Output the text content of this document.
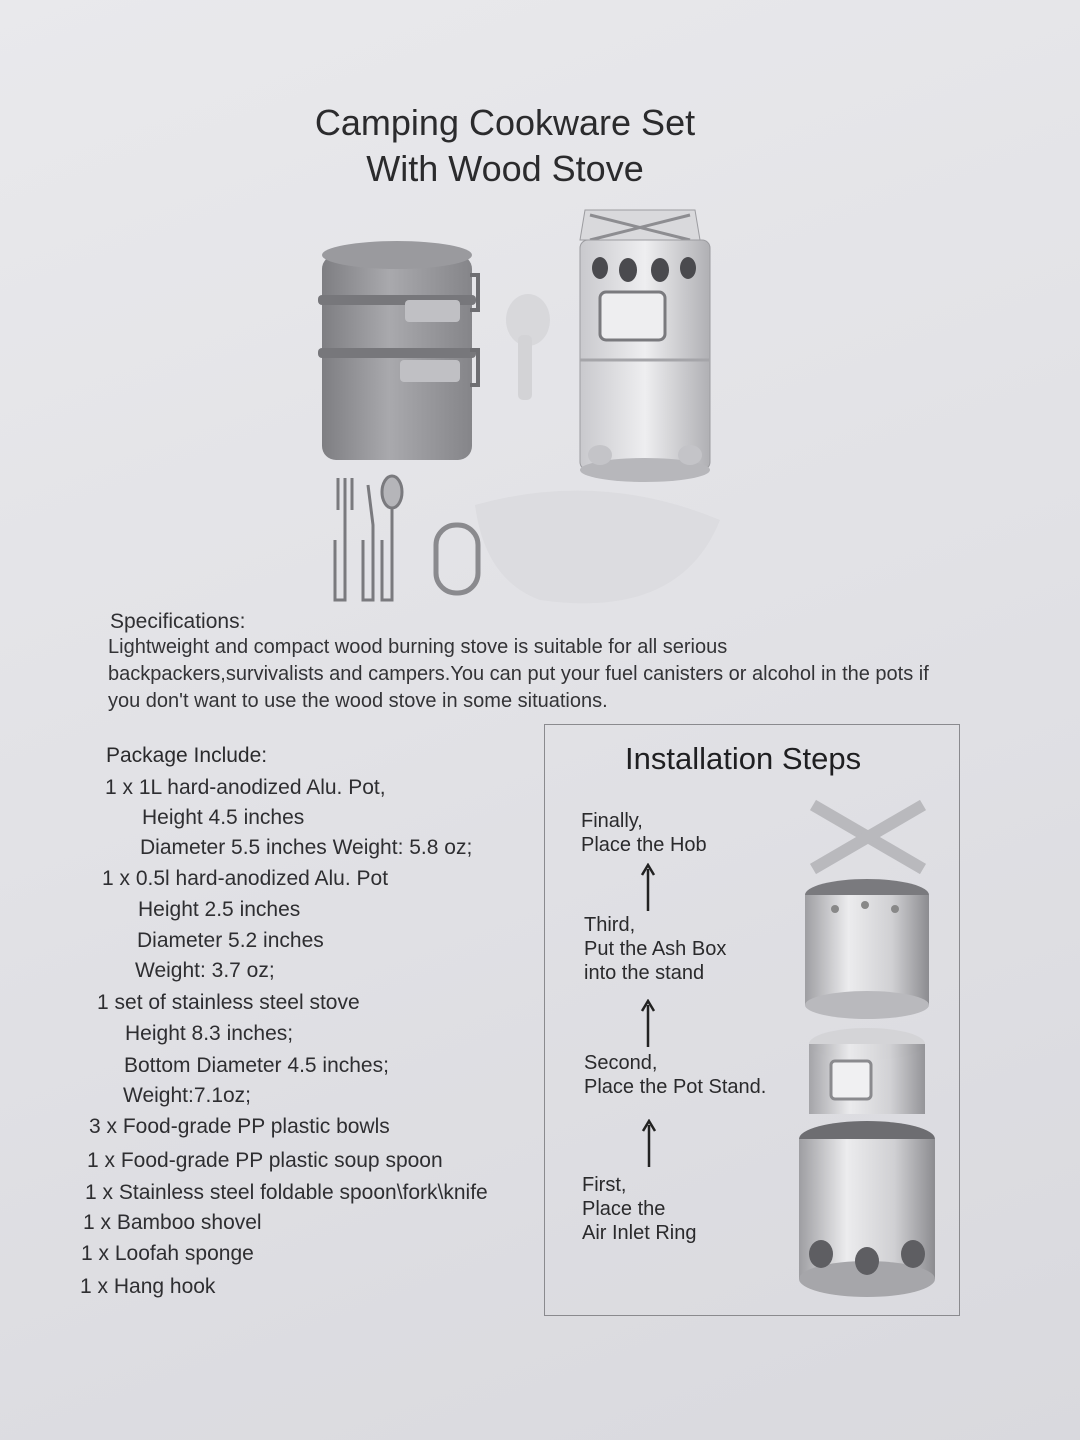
Camping Cookware Set
With Wood Stove
Specifications:
Lightweight and compact wood burning stove is suitable for all serious backpackers,survivalists and campers.You can put your fuel canisters or alcohol in the pots if you don't want to use the wood stove in some situations.
Package Include:
1 x 1L hard-anodized Alu. Pot,
Height 4.5 inches
Diameter 5.5 inches Weight: 5.8 oz;
1 x 0.5l hard-anodized Alu. Pot
Height 2.5 inches
Diameter 5.2 inches
Weight: 3.7 oz;
1 set of stainless steel stove
Height 8.3 inches;
Bottom Diameter 4.5 inches;
Weight:7.1oz;
3 x Food-grade PP plastic bowls
1 x Food-grade PP plastic soup spoon
1 x Stainless steel foldable spoon\fork\knife
1 x Bamboo shovel
1 x Loofah sponge
1 x Hang hook
Installation Steps
Finally,
Place the Hob
Third,
Put the Ash Box
into the stand
Second,
Place the Pot Stand.
First,
Place the
Air Inlet Ring
